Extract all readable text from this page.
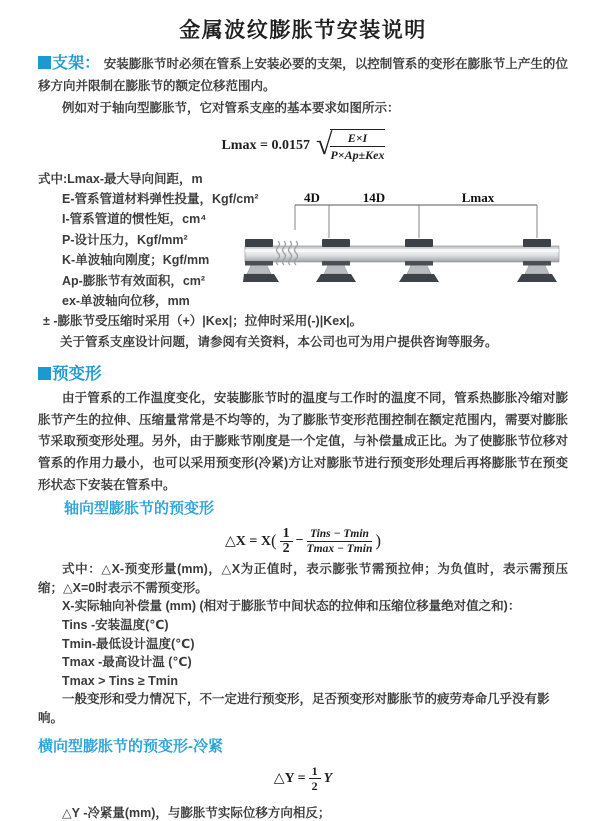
金属波纹膨胀节安装说明

支架： 安装膨胀节时必须在管系上安装必要的支架，以控制管系的变形在膨胀节上产生的位移方向并限制在膨胀节的额定位移范围内。

例如对于轴向型膨胀节，它对管系支座的基本要求如图所示：

Lmax = 0.0157 √	E×I
P×Ap±Kex
式中:Lmax-最大导向间距，m
E-管系管道材料弹性投量，Kgf/cm²
I-管系管道的惯性矩，cm⁴
P-设计压力，Kgf/mm²
K-单波轴向刚度；Kgf/mm
Ap-膨胀节有效面积，cm²
ex-单波轴向位移，mm
± -膨胀节受压缩时采用（+）|Kex|；拉伸时采用(-)|Kex|。
关于管系支座设计问题，请参阅有关资料，本公司也可为用户提供咨询等服务。
4D	14D	Lmax
预变形

由于管系的工作温度变化，安装膨胀节时的温度与工作时的温度不同，管系热膨胀冷缩对膨胀节产生的拉伸、压缩量常常是不均等的，为了膨胀节变形范围控制在额定范围内，需要对膨胀节采取预变形处理。另外，由于膨账节刚度是一个定值，与补偿量成正比。为了使膨胀节位移对管系的作用力最小，也可以采用预变形(冷紧)方让对膨胀节进行预变形处理后再将膨胀节在预变形状态下安装在管系中。

轴向型膨胀节的预变形
△X = X ( $\frac{1}{2}$ − Tins − Tmin
Tmax − Tmin )

式中：△X-预变形量(mm)，△X为正值时，表示膨张节需预拉伸；为负值时，表示需预压缩；△X=0时表示不需预变形。

X-实际轴向补偿量 (mm) (相对于膨胀节中间状态的拉伸和压缩位移量绝对值之和)：
Tins -安装温度(℃)
Tmin-最低设计温度(℃)
Tmax -最高设计温 (℃)
Tmax > Tins ≥ Tmin
一般变形和受力情况下，不一定进行预变形，足否预变形对膨胀节的疲劳寿命几乎没有影响。
横向型膨胀节的预变形-冷紧
△Y = $\frac{1}{2}$ Y
△Y -冷紧量(mm)，与膨胀节实际位移方向相反；
